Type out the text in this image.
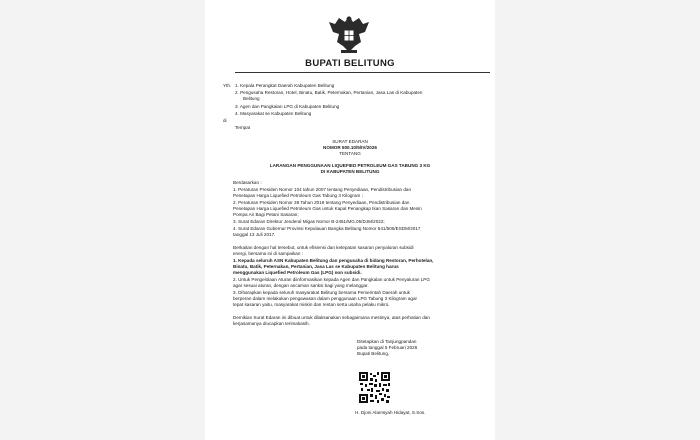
BUPATI BELITUNG
Yth. 1. Kepala Perangkat Daerah Kabupaten Belitung
2. Pengusaha Restoran, Hotel, Binatu, Batik, Peternakan, Pertanian, Jasa Las di Kabupaten
Belitung
3. Agen dan Pangkalan LPG di Kabupaten Belitung
4. Masyarakat se Kabupaten Belitung
di
Tempat
SURAT EDARAN
NOMOR 500.10/5/IV/2026
TENTANG
LARANGAN PENGGUNAAN LIQUEFIED PETROLEUM GAS TABUNG 3 KG
DI KABUPATEN BELITUNG
Berdasarkan :
1. Peraturan Presiden Nomor 104 tahun 2007 tentang Penyediaan, Pendistribusian dan
Penetapan Harga Liquefied Petroleum Gas Tabung 3 Kilogram ;
2. Peraturan Presiden Nomor 38 Tahun 2019 tentang Penyediaan, Pendistribusian dan
Penetapan Harga Liquefied Petroleum Gas untuk Kapal Penangkap Ikan Sasaran dan Mesin
Pompa Air Bagi Petani Sasaran;
3. Surat Edaran Direktur Jenderal Migas Nomor B-2461/MG.05/DJM/2022;
4. Surat Edaran Gubernur Provinsi Kepulauan Bangka Belitung Nomor 541/505/ESDM/2017
tanggal 13 Juli 2017.
Berkaitan dengan hal tersebut, untuk efisiensi dan ketepatan sasaran penyaluran subsidi
energi, bersama ini di sampaikan :
1. Kepada seluruh ASN Kabupaten Belitung dan pengusaha di bidang Restoran, Perhotelan,
Binatu, Batik, Peternakan, Pertanian, Jasa Las se Kabupaten Belitung harus
menggunakan Liquefied Petroleum Gas (LPG) non subsidi.
2. Untuk Pengelolaan Aturan diinformasikan kepada Agen dan Pangkalan untuk Penyaluran LPG
agar sesuai aturan, dengan ancaman sanksi bagi yang melanggar.
3. Diharapkan kepada seluruh masyarakat Belitung bersama Pemerintah Daerah untuk
berperan dalam melakukan pengawasan dalam penggunaan LPG Tabung 3 Kilogram agar
tepat sasaran yaitu, masyarakat miskin dan rentan serta usaha pelaku mikro.
Demikian Surat Edaran ini dibuat untuk dilaksanakan sebagaimana mestinya, atas perhatian dan
kerjasamanya diucapkan terimakasih.
Ditetapkan di Tanjungpandan
pada tanggal 5 Februari 2026
Bupati Belitung,
H. Djoni Alamsyah Hidayat, S.Sos.
